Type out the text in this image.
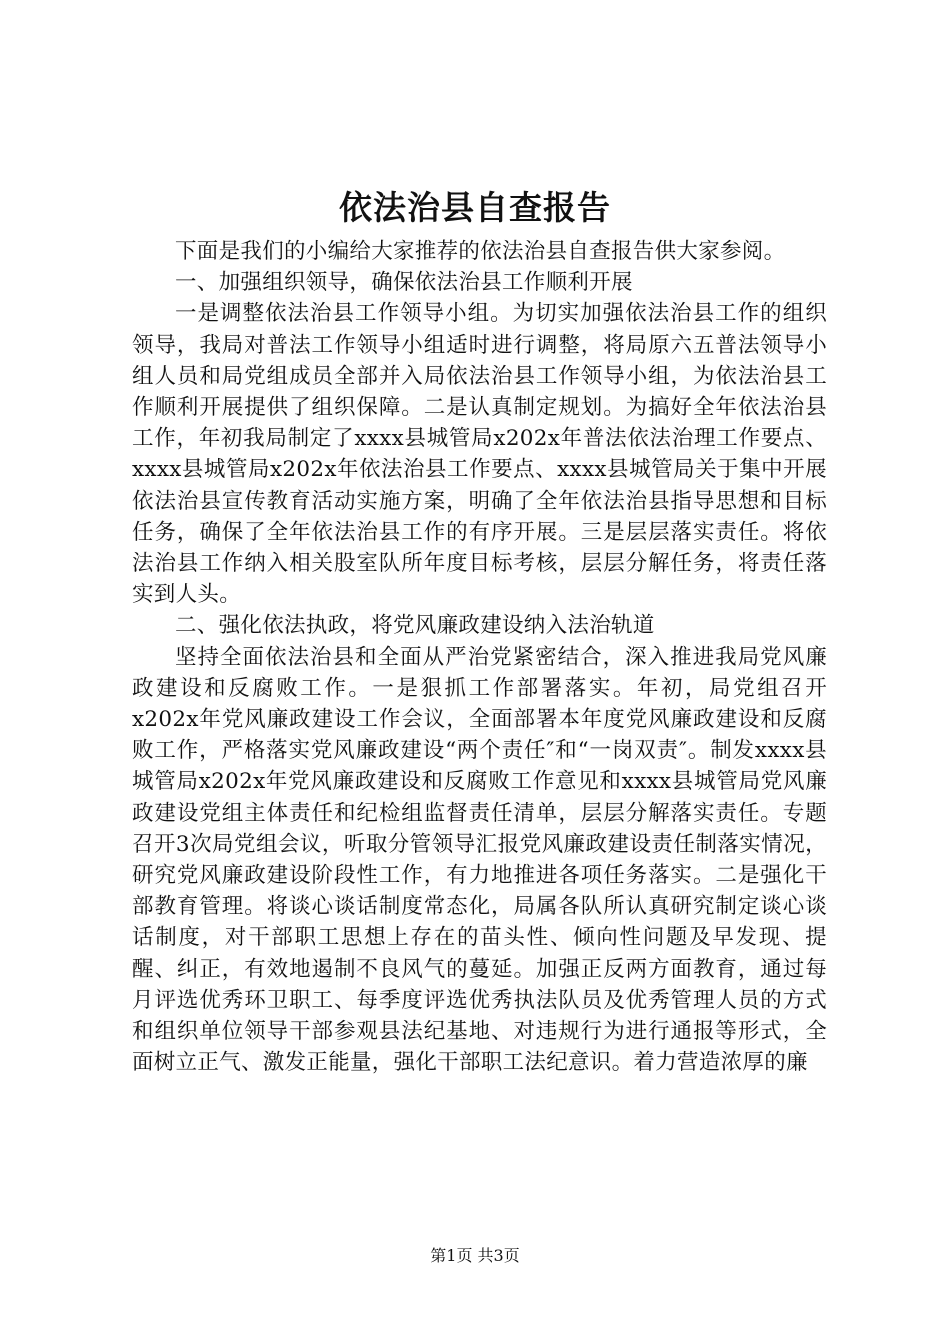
依法治县自查报告

下面是我们的小编给大家推荐的依法治县自查报告供大家参阅。

一、加强组织领导，确保依法治县工作顺利开展

一是调整依法治县工作领导小组。为切实加强依法治县工作的组织领导，我局对普法工作领导小组适时进行调整，将局原六五普法领导小组人员和局党组成员全部并入局依法治县工作领导小组，为依法治县工作顺利开展提供了组织保障。二是认真制定规划。为搞好全年依法治县工作，年初我局制定了xxxx县城管局x202x年普法依法治理工作要点、xxxx县城管局x202x年依法治县工作要点、xxxx县城管局关于集中开展依法治县宣传教育活动实施方案，明确了全年依法治县指导思想和目标任务，确保了全年依法治县工作的有序开展。三是层层落实责任。将依法治县工作纳入相关股室队所年度目标考核，层层分解任务，将责任落实到人头。

二、强化依法执政，将党风廉政建设纳入法治轨道

坚持全面依法治县和全面从严治党紧密结合，深入推进我局党风廉政建设和反腐败工作。一是狠抓工作部署落实。年初，局党组召开x202x年党风廉政建设工作会议，全面部署本年度党风廉政建设和反腐败工作，严格落实党风廉政建设“两个责任″和“一岗双责″。制发xxxx县城管局x202x年党风廉政建设和反腐败工作意见和xxxx县城管局党风廉政建设党组主体责任和纪检组监督责任清单，层层分解落实责任。专题召开3次局党组会议，听取分管领导汇报党风廉政建设责任制落实情况，研究党风廉政建设阶段性工作，有力地推进各项任务落实。二是强化干部教育管理。将谈心谈话制度常态化，局属各队所认真研究制定谈心谈话制度，对干部职工思想上存在的苗头性、倾向性问题及早发现、提醒、纠正，有效地遏制不良风气的蔓延。加强正反两方面教育，通过每月评选优秀环卫职工、每季度评选优秀执法队员及优秀管理人员的方式和组织单位领导干部参观县法纪基地、对违规行为进行通报等形式，全面树立正气、激发正能量，强化干部职工法纪意识。着力营造浓厚的廉

第1页 共3页
